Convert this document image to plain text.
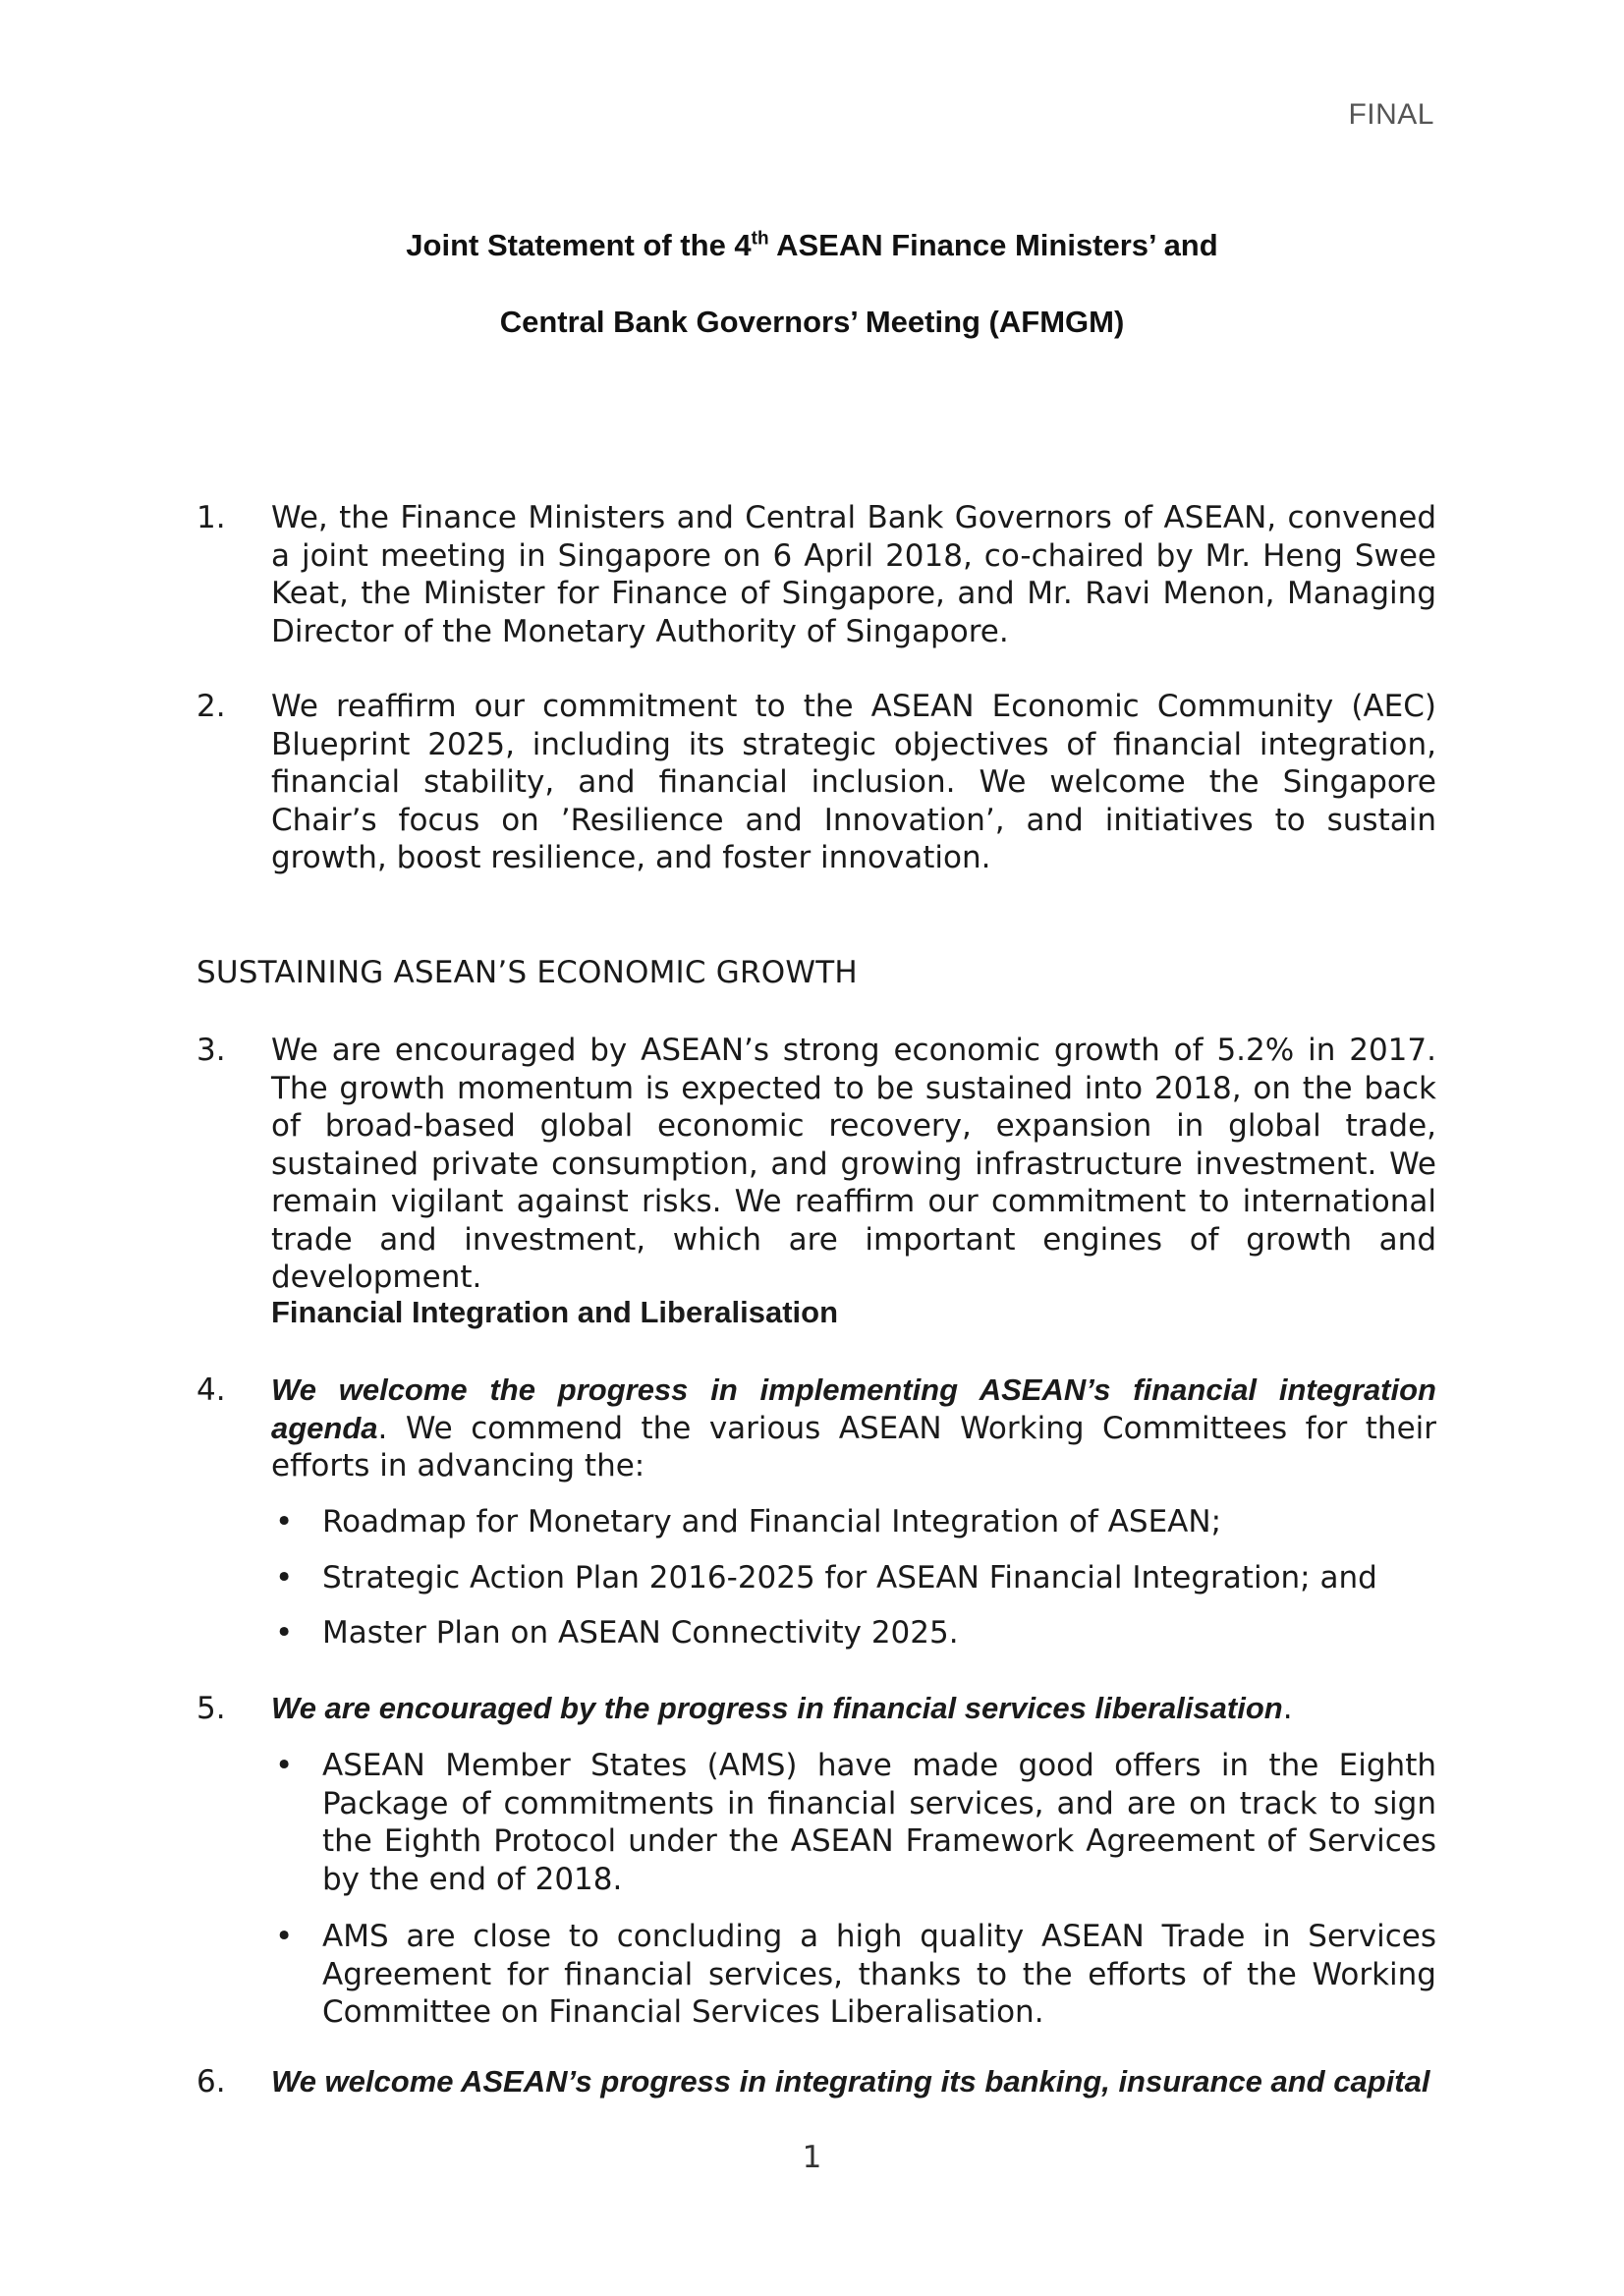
FINAL
Joint Statement of the 4th ASEAN Finance Ministers’ and
Central Bank Governors’ Meeting (AFMGM)
1.	We, the Finance Ministers and Central Bank Governors of ASEAN, convened a joint meeting in Singapore on 6 April 2018, co-chaired by Mr. Heng Swee Keat, the Minister for Finance of Singapore, and Mr. Ravi Menon, Managing Director of the Monetary Authority of Singapore.
2.	We reaffirm our commitment to the ASEAN Economic Community (AEC) Blueprint 2025, including its strategic objectives of financial integration, financial stability, and financial inclusion. We welcome the Singapore Chair’s focus on ’Resilience and Innovation’, and initiatives to sustain growth, boost resilience, and foster innovation.
SUSTAINING ASEAN’S ECONOMIC GROWTH
3.	We are encouraged by ASEAN’s strong economic growth of 5.2% in 2017. The growth momentum is expected to be sustained into 2018, on the back of broad-based global economic recovery, expansion in global trade, sustained private consumption, and growing infrastructure investment. We remain vigilant against risks. We reaffirm our commitment to international trade and investment, which are important engines of growth and development.
Financial Integration and Liberalisation
4.	We welcome the progress in implementing ASEAN’s financial integration agenda. We commend the various ASEAN Working Committees for their efforts in advancing the:
• Roadmap for Monetary and Financial Integration of ASEAN;
• Strategic Action Plan 2016-2025 for ASEAN Financial Integration; and
• Master Plan on ASEAN Connectivity 2025.
5.	We are encouraged by the progress in financial services liberalisation.
• ASEAN Member States (AMS) have made good offers in the Eighth Package of commitments in financial services, and are on track to sign the Eighth Protocol under the ASEAN Framework Agreement of Services by the end of 2018.
• AMS are close to concluding a high quality ASEAN Trade in Services Agreement for financial services, thanks to the efforts of the Working Committee on Financial Services Liberalisation.
6.	We welcome ASEAN’s progress in integrating its banking, insurance and capital
1
